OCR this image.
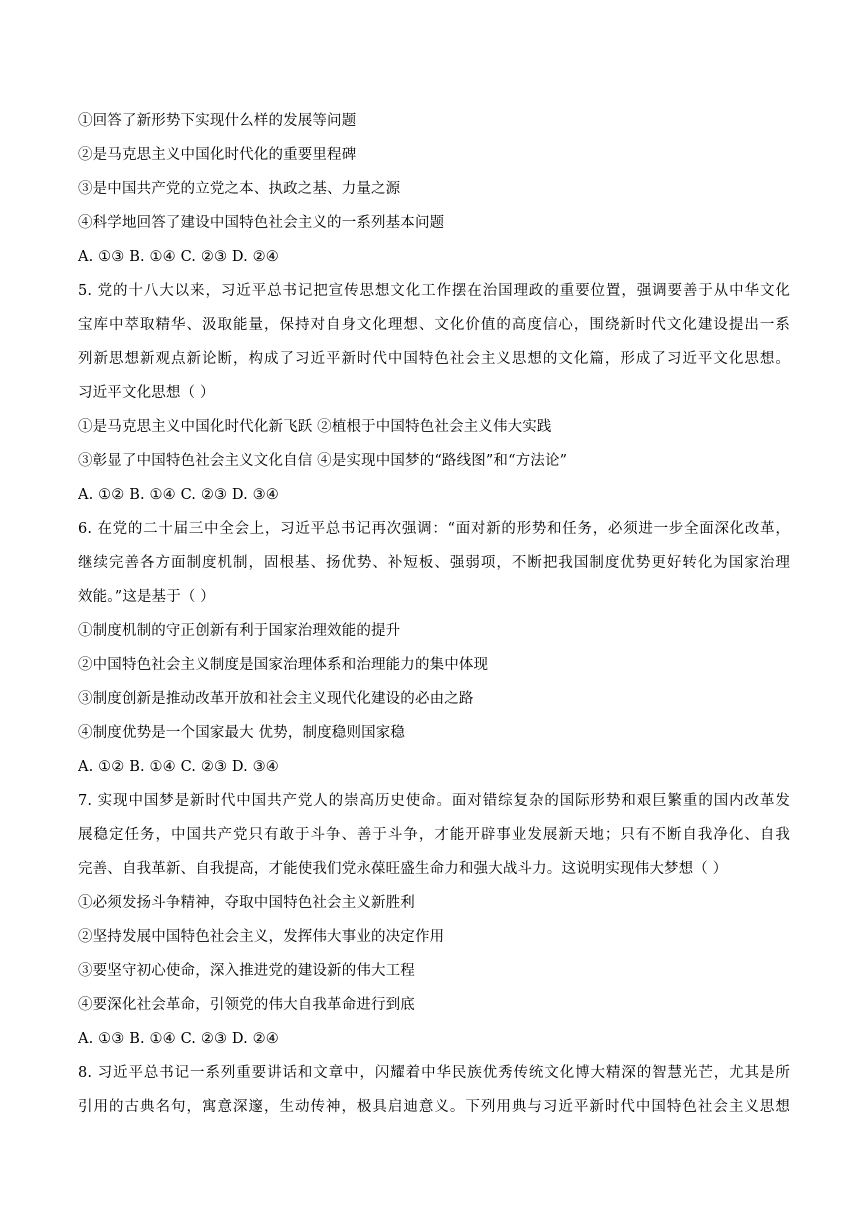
①回答了新形势下实现什么样的发展等问题
②是马克思主义中国化时代化的重要里程碑
③是中国共产党的立党之本、执政之基、力量之源
④科学地回答了建设中国特色社会主义的一系列基本问题
A. ①③ B. ①④ C. ②③ D. ②④
5. 党的十八大以来，习近平总书记把宣传思想文化工作摆在治国理政的重要位置，强调要善于从中华文化
宝库中萃取精华、汲取能量，保持对自身文化理想、文化价值的高度信心，围绕新时代文化建设提出一系
列新思想新观点新论断，构成了习近平新时代中国特色社会主义思想的文化篇，形成了习近平文化思想。
习近平文化思想（ ）
①是马克思主义中国化时代化新飞跃 ②植根于中国特色社会主义伟大实践
③彰显了中国特色社会主义文化自信 ④是实现中国梦的“路线图”和“方法论”
A. ①② B. ①④ C. ②③ D. ③④
6. 在党的二十届三中全会上，习近平总书记再次强调：“面对新的形势和任务，必须进一步全面深化改革，
继续完善各方面制度机制，固根基、扬优势、补短板、强弱项，不断把我国制度优势更好转化为国家治理
效能。”这是基于（ ）
①制度机制的守正创新有利于国家治理效能的提升
②中国特色社会主义制度是国家治理体系和治理能力的集中体现
③制度创新是推动改革开放和社会主义现代化建设的必由之路
④制度优势是一个国家最大 优势，制度稳则国家稳
A. ①② B. ①④ C. ②③ D. ③④
7. 实现中国梦是新时代中国共产党人的崇高历史使命。面对错综复杂的国际形势和艰巨繁重的国内改革发
展稳定任务，中国共产党只有敢于斗争、善于斗争，才能开辟事业发展新天地；只有不断自我净化、自我
完善、自我革新、自我提高，才能使我们党永葆旺盛生命力和强大战斗力。这说明实现伟大梦想（ ）
①必须发扬斗争精神，夺取中国特色社会主义新胜利
②坚持发展中国特色社会主义，发挥伟大事业的决定作用
③要坚守初心使命，深入推进党的建设新的伟大工程
④要深化社会革命，引领党的伟大自我革命进行到底
A. ①③ B. ①④ C. ②③ D. ②④
8. 习近平总书记一系列重要讲话和文章中，闪耀着中华民族优秀传统文化博大精深的智慧光芒，尤其是所
引用的古典名句，寓意深邃，生动传神，极具启迪意义。下列用典与习近平新时代中国特色社会主义思想
